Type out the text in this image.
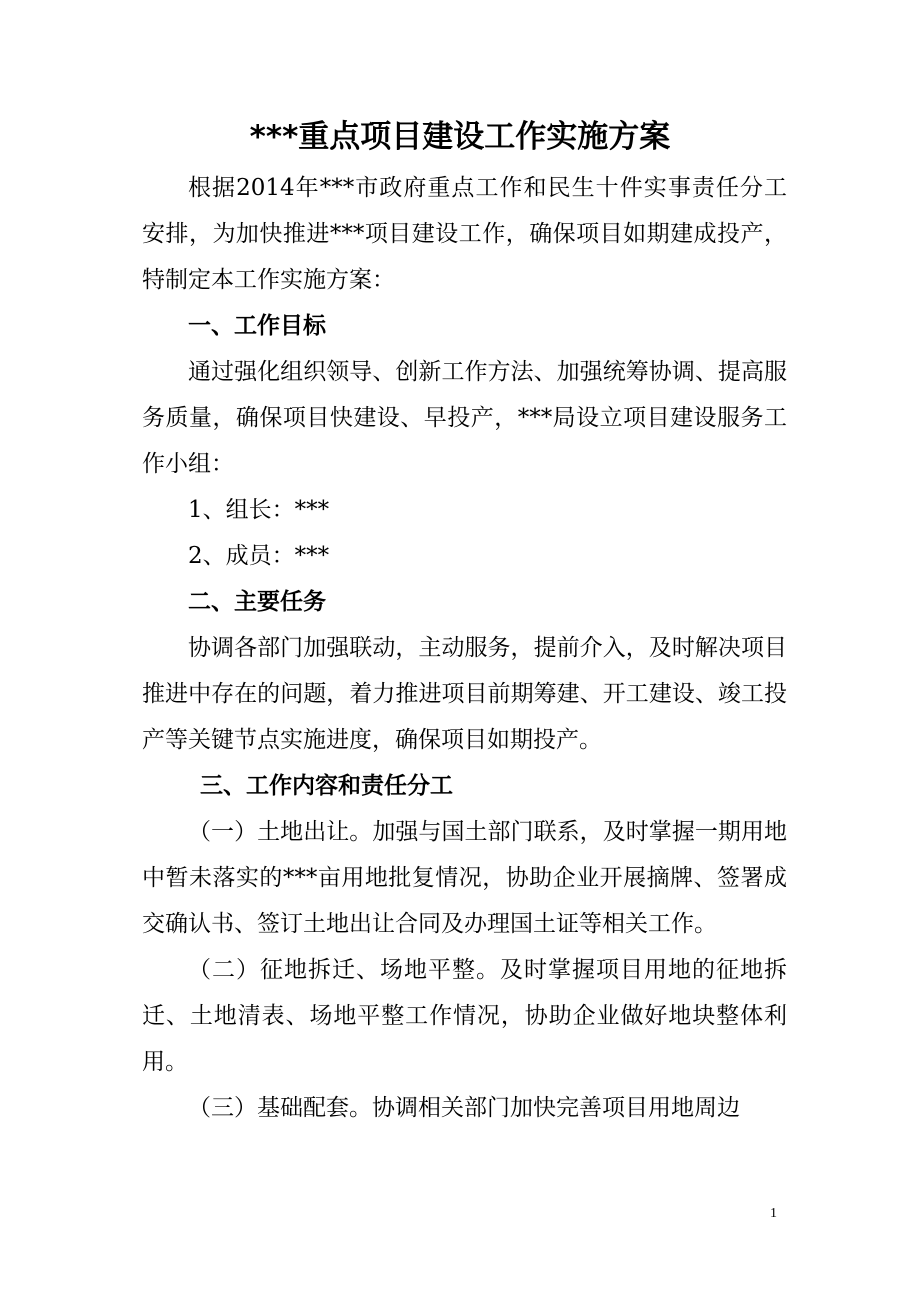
***重点项目建设工作实施方案

根据2014年***市政府重点工作和民生十件实事责任分工安排，为加快推进***项目建设工作，确保项目如期建成投产，特制定本工作实施方案：

一、工作目标

通过强化组织领导、创新工作方法、加强统筹协调、提高服务质量，确保项目快建设、早投产，***局设立项目建设服务工作小组：

1、组长：***

2、成员：***

二、主要任务

协调各部门加强联动，主动服务，提前介入，及时解决项目推进中存在的问题，着力推进项目前期筹建、开工建设、竣工投产等关键节点实施进度，确保项目如期投产。

三、工作内容和责任分工

（一）土地出让。加强与国土部门联系，及时掌握一期用地中暂未落实的***亩用地批复情况，协助企业开展摘牌、签署成交确认书、签订土地出让合同及办理国土证等相关工作。

（二）征地拆迁、场地平整。及时掌握项目用地的征地拆迁、土地清表、场地平整工作情况，协助企业做好地块整体利用。

（三）基础配套。协调相关部门加快完善项目用地周边

1
